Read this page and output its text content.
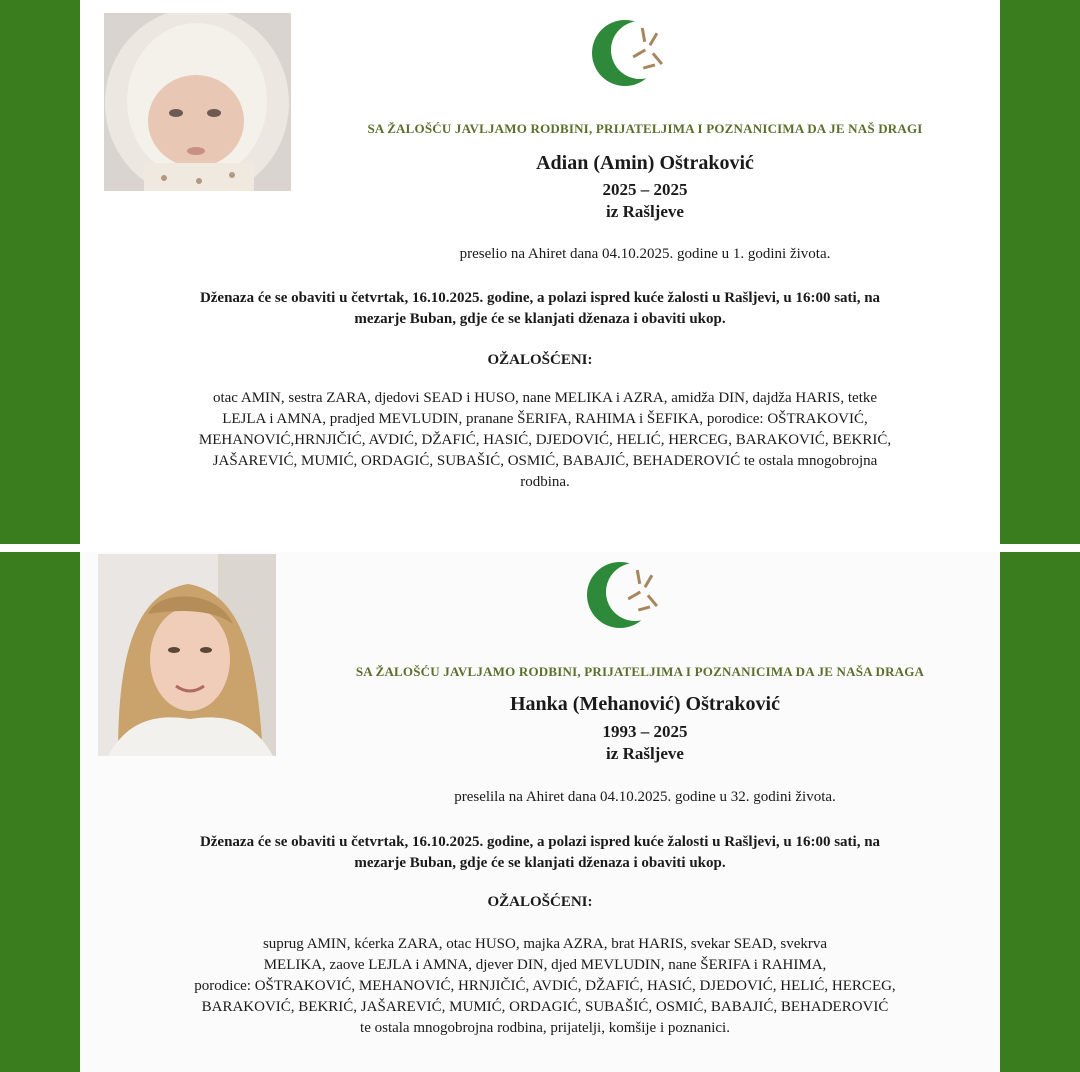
SA ŽALOŠĆU JAVLJAMO RODBINI, PRIJATELJIMA I POZNANICIMA DA JE NAŠ DRAGI
Adian (Amin) Oštraković
2025 – 2025
iz Rašljeve
preselio na Ahiret dana 04.10.2025. godine u 1. godini života.
Dženaza će se obaviti u četvrtak, 16.10.2025. godine, a polazi ispred kuće žalosti u Rašljevi, u 16:00 sati, na
mezarje Buban, gdje će se klanjati dženaza i obaviti ukop.
OŽALOŠĆENI:
otac AMIN, sestra ZARA, djedovi SEAD i HUSO, nane MELIKA i AZRA, amidža DIN, dajdža HARIS, tetke
LEJLA i AMNA, pradjed MEVLUDIN, pranane ŠERIFA, RAHIMA i ŠEFIKA, porodice: OŠTRAKOVIĆ,
MEHANOVIĆ,HRNJIČIĆ, AVDIĆ, DŽAFIĆ, HASIĆ, DJEDOVIĆ, HELIĆ, HERCEG, BARAKOVIĆ, BEKRIĆ,
JAŠAREVIĆ, MUMIĆ, ORDAGIĆ, SUBAŠIĆ, OSMIĆ, BABAJIĆ, BEHADEROVIĆ te ostala mnogobrojna
rodbina.
SA ŽALOŠĆU JAVLJAMO RODBINI, PRIJATELJIMA I POZNANICIMA DA JE NAŠA DRAGA
Hanka (Mehanović) Oštraković
1993 – 2025
iz Rašljeve
preselila na Ahiret dana 04.10.2025. godine u 32. godini života.
Dženaza će se obaviti u četvrtak, 16.10.2025. godine, a polazi ispred kuće žalosti u Rašljevi, u 16:00 sati, na
mezarje Buban, gdje će se klanjati dženaza i obaviti ukop.
OŽALOŠĆENI:
suprug AMIN, kćerka ZARA, otac HUSO, majka AZRA, brat HARIS, svekar SEAD, svekrva
MELIKA, zaove LEJLA i AMNA, djever DIN, djed MEVLUDIN, nane ŠERIFA i RAHIMA,
porodice: OŠTRAKOVIĆ, MEHANOVIĆ, HRNJIČIĆ, AVDIĆ, DŽAFIĆ, HASIĆ, DJEDOVIĆ, HELIĆ, HERCEG,
BARAKOVIĆ, BEKRIĆ, JAŠAREVIĆ, MUMIĆ, ORDAGIĆ, SUBAŠIĆ, OSMIĆ, BABAJIĆ, BEHADEROVIĆ
te ostala mnogobrojna rodbina, prijatelji, komšije i poznanici.
